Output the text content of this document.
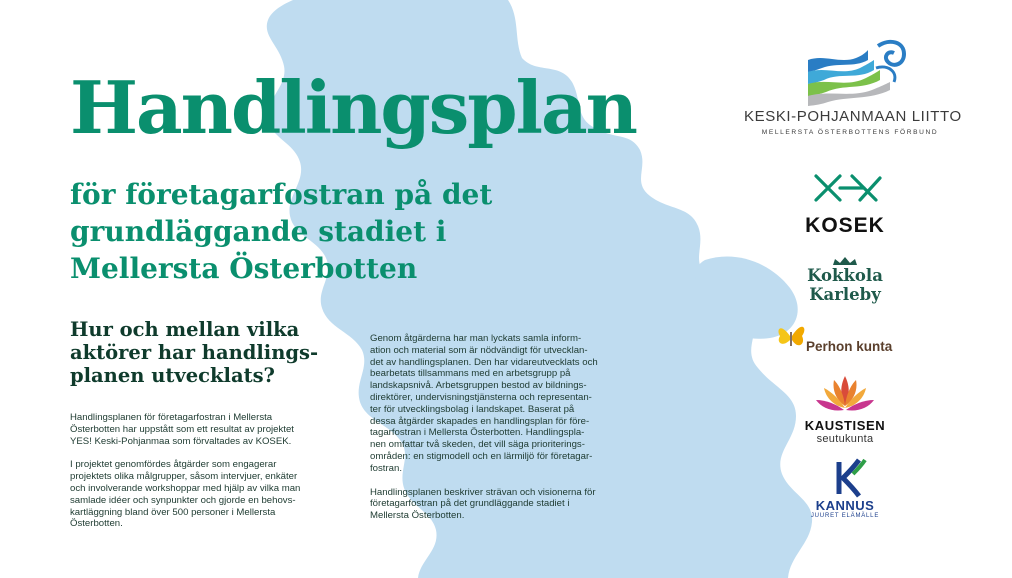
Handlingsplan
för företagarfostran på det
grundläggande stadiet i
Mellersta Österbotten
Hur och mellan vilka
aktörer har handlings-
planen utvecklats?

Handlingsplanen för företagarfostran i Mellersta
Österbotten har uppstått som ett resultat av projektet
YES! Keski-Pohjanmaa som förvaltades av KOSEK.

I projektet genomfördes åtgärder som engagerar
projektets olika målgrupper, såsom intervjuer, enkäter
och involverande workshoppar med hjälp av vilka man
samlade idéer och synpunkter och gjorde en behovs-
kartläggning bland över 500 personer i Mellersta
Österbotten.

Genom åtgärderna har man lyckats samla inform-
ation och material som är nödvändigt för utvecklan-
det av handlingsplanen. Den har vidareutvecklats och
bearbetats tillsammans med en arbetsgrupp på
landskapsnivå. Arbetsgruppen bestod av bildnings-
direktörer, undervisningstjänsterna och representan-
ter för utvecklingsbolag i landskapet. Baserat på
dessa åtgärder skapades en handlingsplan för före-
tagarfostran i Mellersta Österbotten. Handlingspla-
nen omfattar två skeden, det vill säga prioriterings-
områden: en stigmodell och en lärmiljö för företagar-
fostran.

Handlingsplanen beskriver strävan och visionerna för
företagarfostran på det grundläggande stadiet i
Mellersta Österbotten.

KESKI-POHJANMAAN LIITTO
MELLERSTA ÖSTERBOTTENS FÖRBUND
KOSEK
Kokkola
Karleby
Perhon kunta
KAUSTISEN
seutukunta
KANNUS
JUURET ELÄMÄLLE
